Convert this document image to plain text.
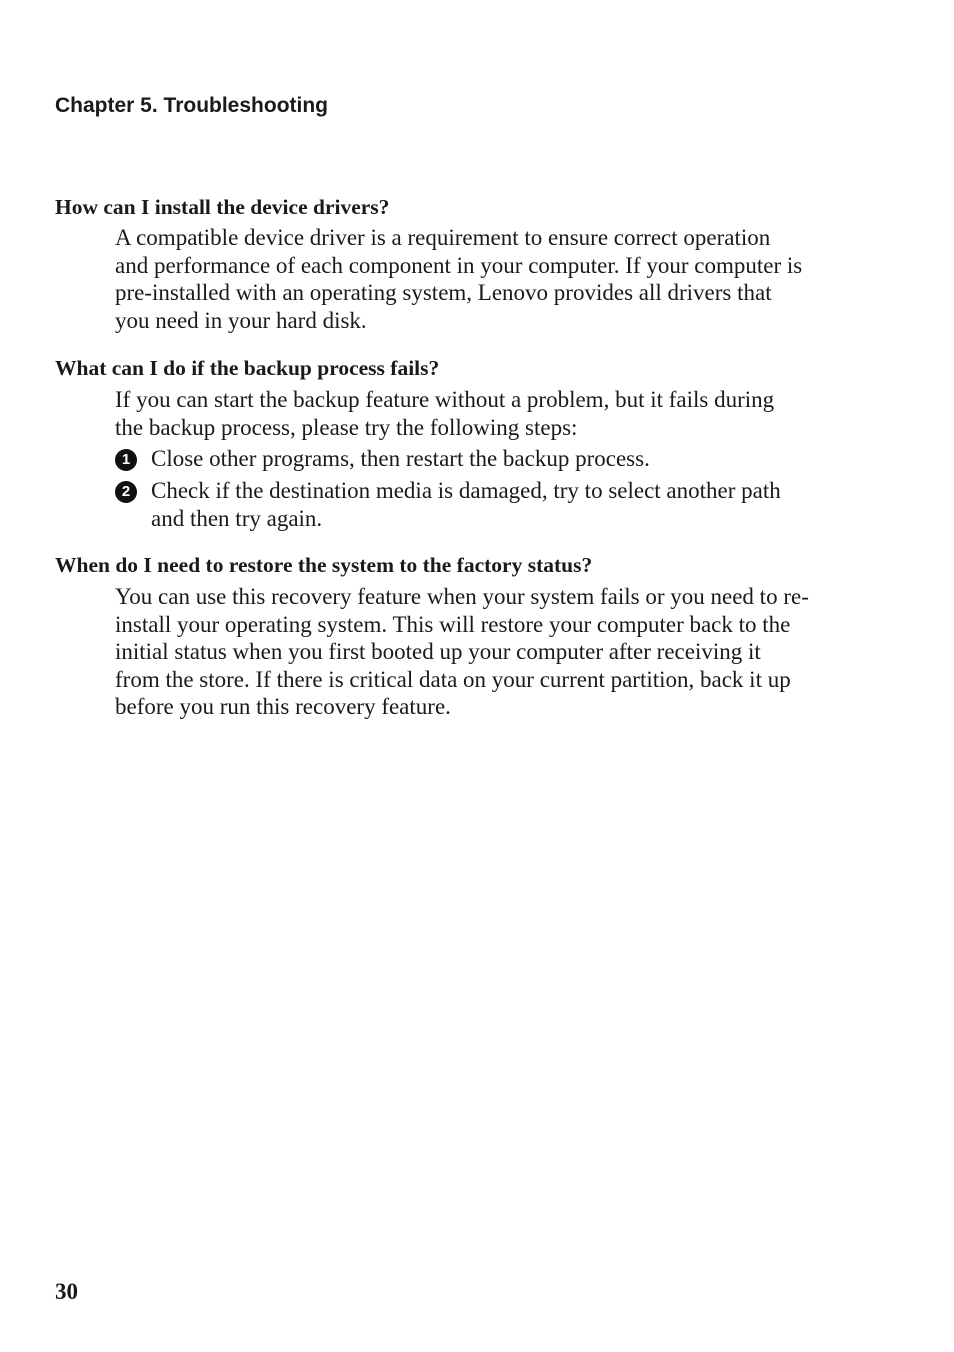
Chapter 5. Troubleshooting
How can I install the device drivers?

A compatible device driver is a requirement to ensure correct operation
and performance of each component in your computer. If your computer is
pre-installed with an operating system, Lenovo provides all drivers that
you need in your hard disk.

What can I do if the backup process fails?

If you can start the backup feature without a problem, but it fails during
the backup process, please try the following steps:

1 Close other programs, then restart the backup process.
2 Check if the destination media is damaged, try to select another path
and then try again.
When do I need to restore the system to the factory status?

You can use this recovery feature when your system fails or you need to re-
install your operating system. This will restore your computer back to the
initial status when you first booted up your computer after receiving it
from the store. If there is critical data on your current partition, back it up
before you run this recovery feature.

30
